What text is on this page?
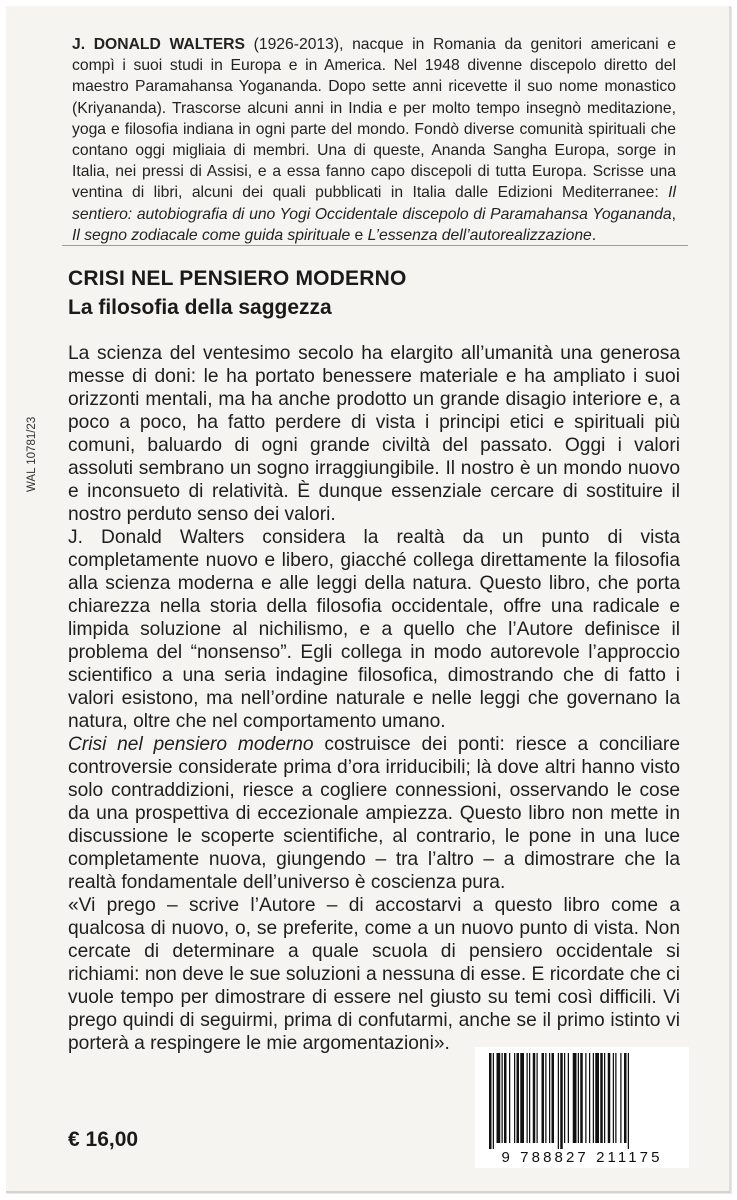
J. DONALD WALTERS (1926-2013), nacque in Romania da genitori americani e compì i suoi studi in Europa e in America. Nel 1948 divenne discepolo diretto del maestro Paramahansa Yogananda. Dopo sette anni ricevette il suo nome monastico (Kriyananda). Trascorse alcuni anni in India e per molto tempo insegnò meditazione, yoga e filosofia indiana in ogni parte del mondo. Fondò diverse comunità spirituali che contano oggi migliaia di membri. Una di queste, Ananda Sangha Europa, sorge in Italia, nei pressi di Assisi, e a essa fanno capo discepoli di tutta Europa. Scrisse una ventina di libri, alcuni dei quali pubblicati in Italia dalle Edizioni Mediterranee: Il sentiero: autobiografia di uno Yogi Occidentale discepolo di Paramahansa Yogananda, Il segno zodiacale come guida spirituale e L’essenza dell’autorealizzazione.
CRISI NEL PENSIERO MODERNO
La filosofia della saggezza
WAL 10781/23

La scienza del ventesimo secolo ha elargito all’umanità una generosa messe di doni: le ha portato benessere materiale e ha ampliato i suoi orizzonti mentali, ma ha anche prodotto un grande disagio interiore e, a poco a poco, ha fatto perdere di vista i principi etici e spirituali più comuni, baluardo di ogni grande civiltà del passato. Oggi i valori assoluti sembrano un sogno irraggiungibile. Il nostro è un mondo nuovo e inconsueto di relatività. È dunque essenziale cercare di sostituire il nostro perduto senso dei valori.

J. Donald Walters considera la realtà da un punto di vista completamente nuovo e libero, giacché collega direttamente la filosofia alla scienza moderna e alle leggi della natura. Questo libro, che porta chiarezza nella storia della filosofia occidentale, offre una radicale e limpida soluzione al nichilismo, e a quello che l’Autore definisce il problema del “nonsenso”. Egli collega in modo autorevole l’approccio scientifico a una seria indagine filosofica, dimostrando che di fatto i valori esistono, ma nell’ordine naturale e nelle leggi che governano la natura, oltre che nel comportamento umano.

Crisi nel pensiero moderno costruisce dei ponti: riesce a conciliare controversie considerate prima d’ora irriducibili; là dove altri hanno visto solo contraddizioni, riesce a cogliere connessioni, osservando le cose da una prospettiva di eccezionale ampiezza. Questo libro non mette in discussione le scoperte scientifiche, al contrario, le pone in una luce completamente nuova, giungendo – tra l’altro – a dimostrare che la realtà fondamentale dell’universo è coscienza pura.

«Vi prego – scrive l’Autore – di accostarvi a questo libro come a qualcosa di nuovo, o, se preferite, come a un nuovo punto di vista. Non cercate di determinare a quale scuola di pensiero occidentale si richiami: non deve le sue soluzioni a nessuna di esse. E ricordate che ci vuole tempo per dimostrare di essere nel giusto su temi così difficili. Vi prego quindi di seguirmi, prima di confutarmi, anche se il primo istinto vi porterà a respingere le mie argomentazioni».

€ 16,00
9 788827 211175
